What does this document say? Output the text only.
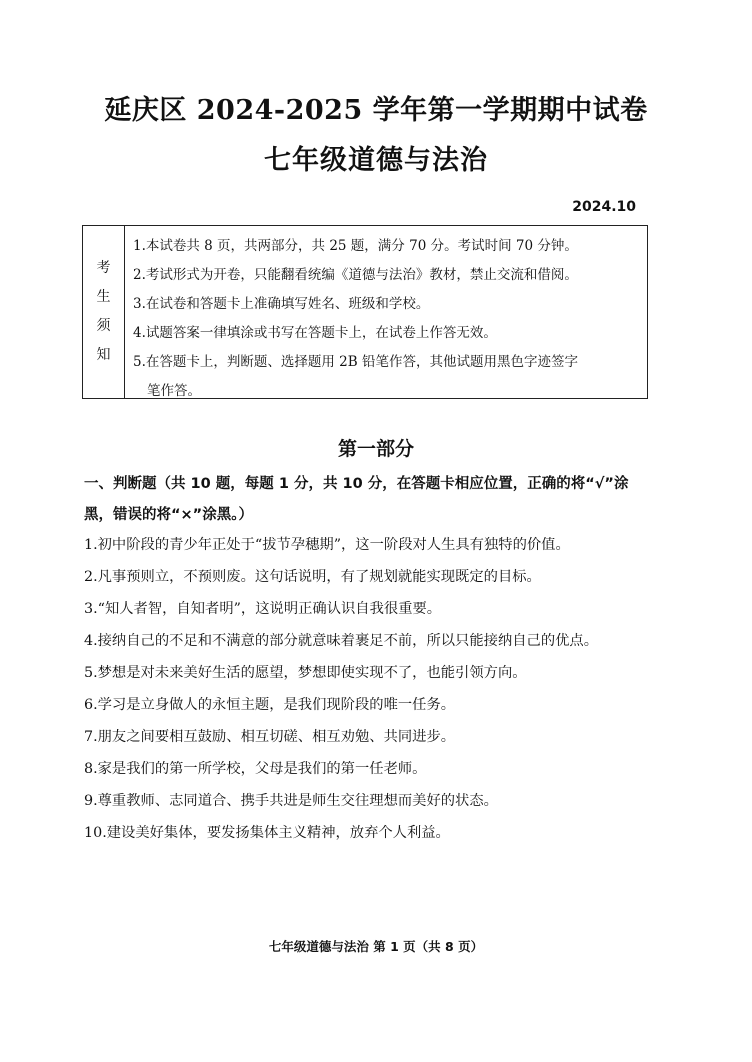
延庆区 2024-2025 学年第一学期期中试卷
七年级道德与法治
2024.10
考
生
须
知
1.本试卷共 8 页，共两部分，共 25 题，满分 70 分。考试时间 70 分钟。
2.考试形式为开卷，只能翻看统编《道德与法治》教材，禁止交流和借阅。
3.在试卷和答题卡上准确填写姓名、班级和学校。
4.试题答案一律填涂或书写在答题卡上，在试卷上作答无效。
5.在答题卡上，判断题、选择题用 2B 铅笔作答，其他试题用黑色字迹签字
笔作答。
第一部分
一、判断题（共 10 题，每题 1 分，共 10 分，在答题卡相应位置，正确的将“√”涂
黑，错误的将“×”涂黑。）
1.初中阶段的青少年正处于“拔节孕穗期”，这一阶段对人生具有独特的价值。
2.凡事预则立，不预则废。这句话说明，有了规划就能实现既定的目标。
3.“知人者智，自知者明”，这说明正确认识自我很重要。
4.接纳自己的不足和不满意的部分就意味着裹足不前，所以只能接纳自己的优点。
5.梦想是对未来美好生活的愿望，梦想即使实现不了，也能引领方向。
6.学习是立身做人的永恒主题，是我们现阶段的唯一任务。
7.朋友之间要相互鼓励、相互切磋、相互劝勉、共同进步。
8.家是我们的第一所学校，父母是我们的第一任老师。
9.尊重教师、志同道合、携手共进是师生交往理想而美好的状态。
10.建设美好集体，要发扬集体主义精神，放弃个人利益。
七年级道德与法治 第 1 页（共 8 页）
